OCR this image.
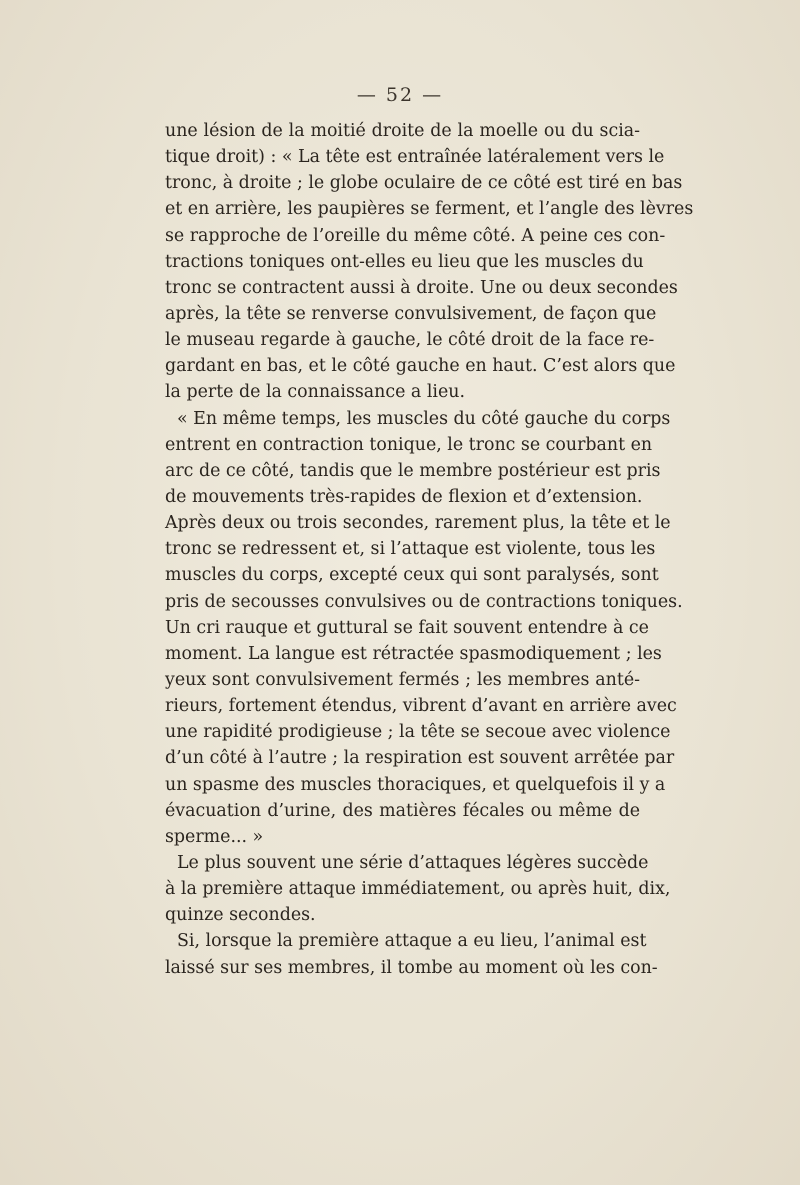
— 52 —
une lésion de la moitié droite de la moelle ou du scia-
tique droit) : « La tête est entraînée latéralement vers le
tronc, à droite ; le globe oculaire de ce côté est tiré en bas
et en arrière, les paupières se ferment, et l’angle des lèvres
se rapproche de l’oreille du même côté. A peine ces con-
tractions toniques ont-elles eu lieu que les muscles du
tronc se contractent aussi à droite. Une ou deux secondes
après, la tête se renverse convulsivement, de façon que
le museau regarde à gauche, le côté droit de la face re-
gardant en bas, et le côté gauche en haut. C’est alors que
la perte de la connaissance a lieu.
« En même temps, les muscles du côté gauche du corps
entrent en contraction tonique, le tronc se courbant en
arc de ce côté, tandis que le membre postérieur est pris
de mouvements très-rapides de flexion et d’extension.
Après deux ou trois secondes, rarement plus, la tête et le
tronc se redressent et, si l’attaque est violente, tous les
muscles du corps, excepté ceux qui sont paralysés, sont
pris de secousses convulsives ou de contractions toniques.
Un cri rauque et guttural se fait souvent entendre à ce
moment. La langue est rétractée spasmodiquement ; les
yeux sont convulsivement fermés ; les membres anté-
rieurs, fortement étendus, vibrent d’avant en arrière avec
une rapidité prodigieuse ; la tête se secoue avec violence
d’un côté à l’autre ; la respiration est souvent arrêtée par
un spasme des muscles thoraciques, et quelquefois il y a
évacuation d’urine, des matières fécales ou même de
sperme... »
Le plus souvent une série d’attaques légères succède
à la première attaque immédiatement, ou après huit, dix,
quinze secondes.
Si, lorsque la première attaque a eu lieu, l’animal est
laissé sur ses membres, il tombe au moment où les con-
